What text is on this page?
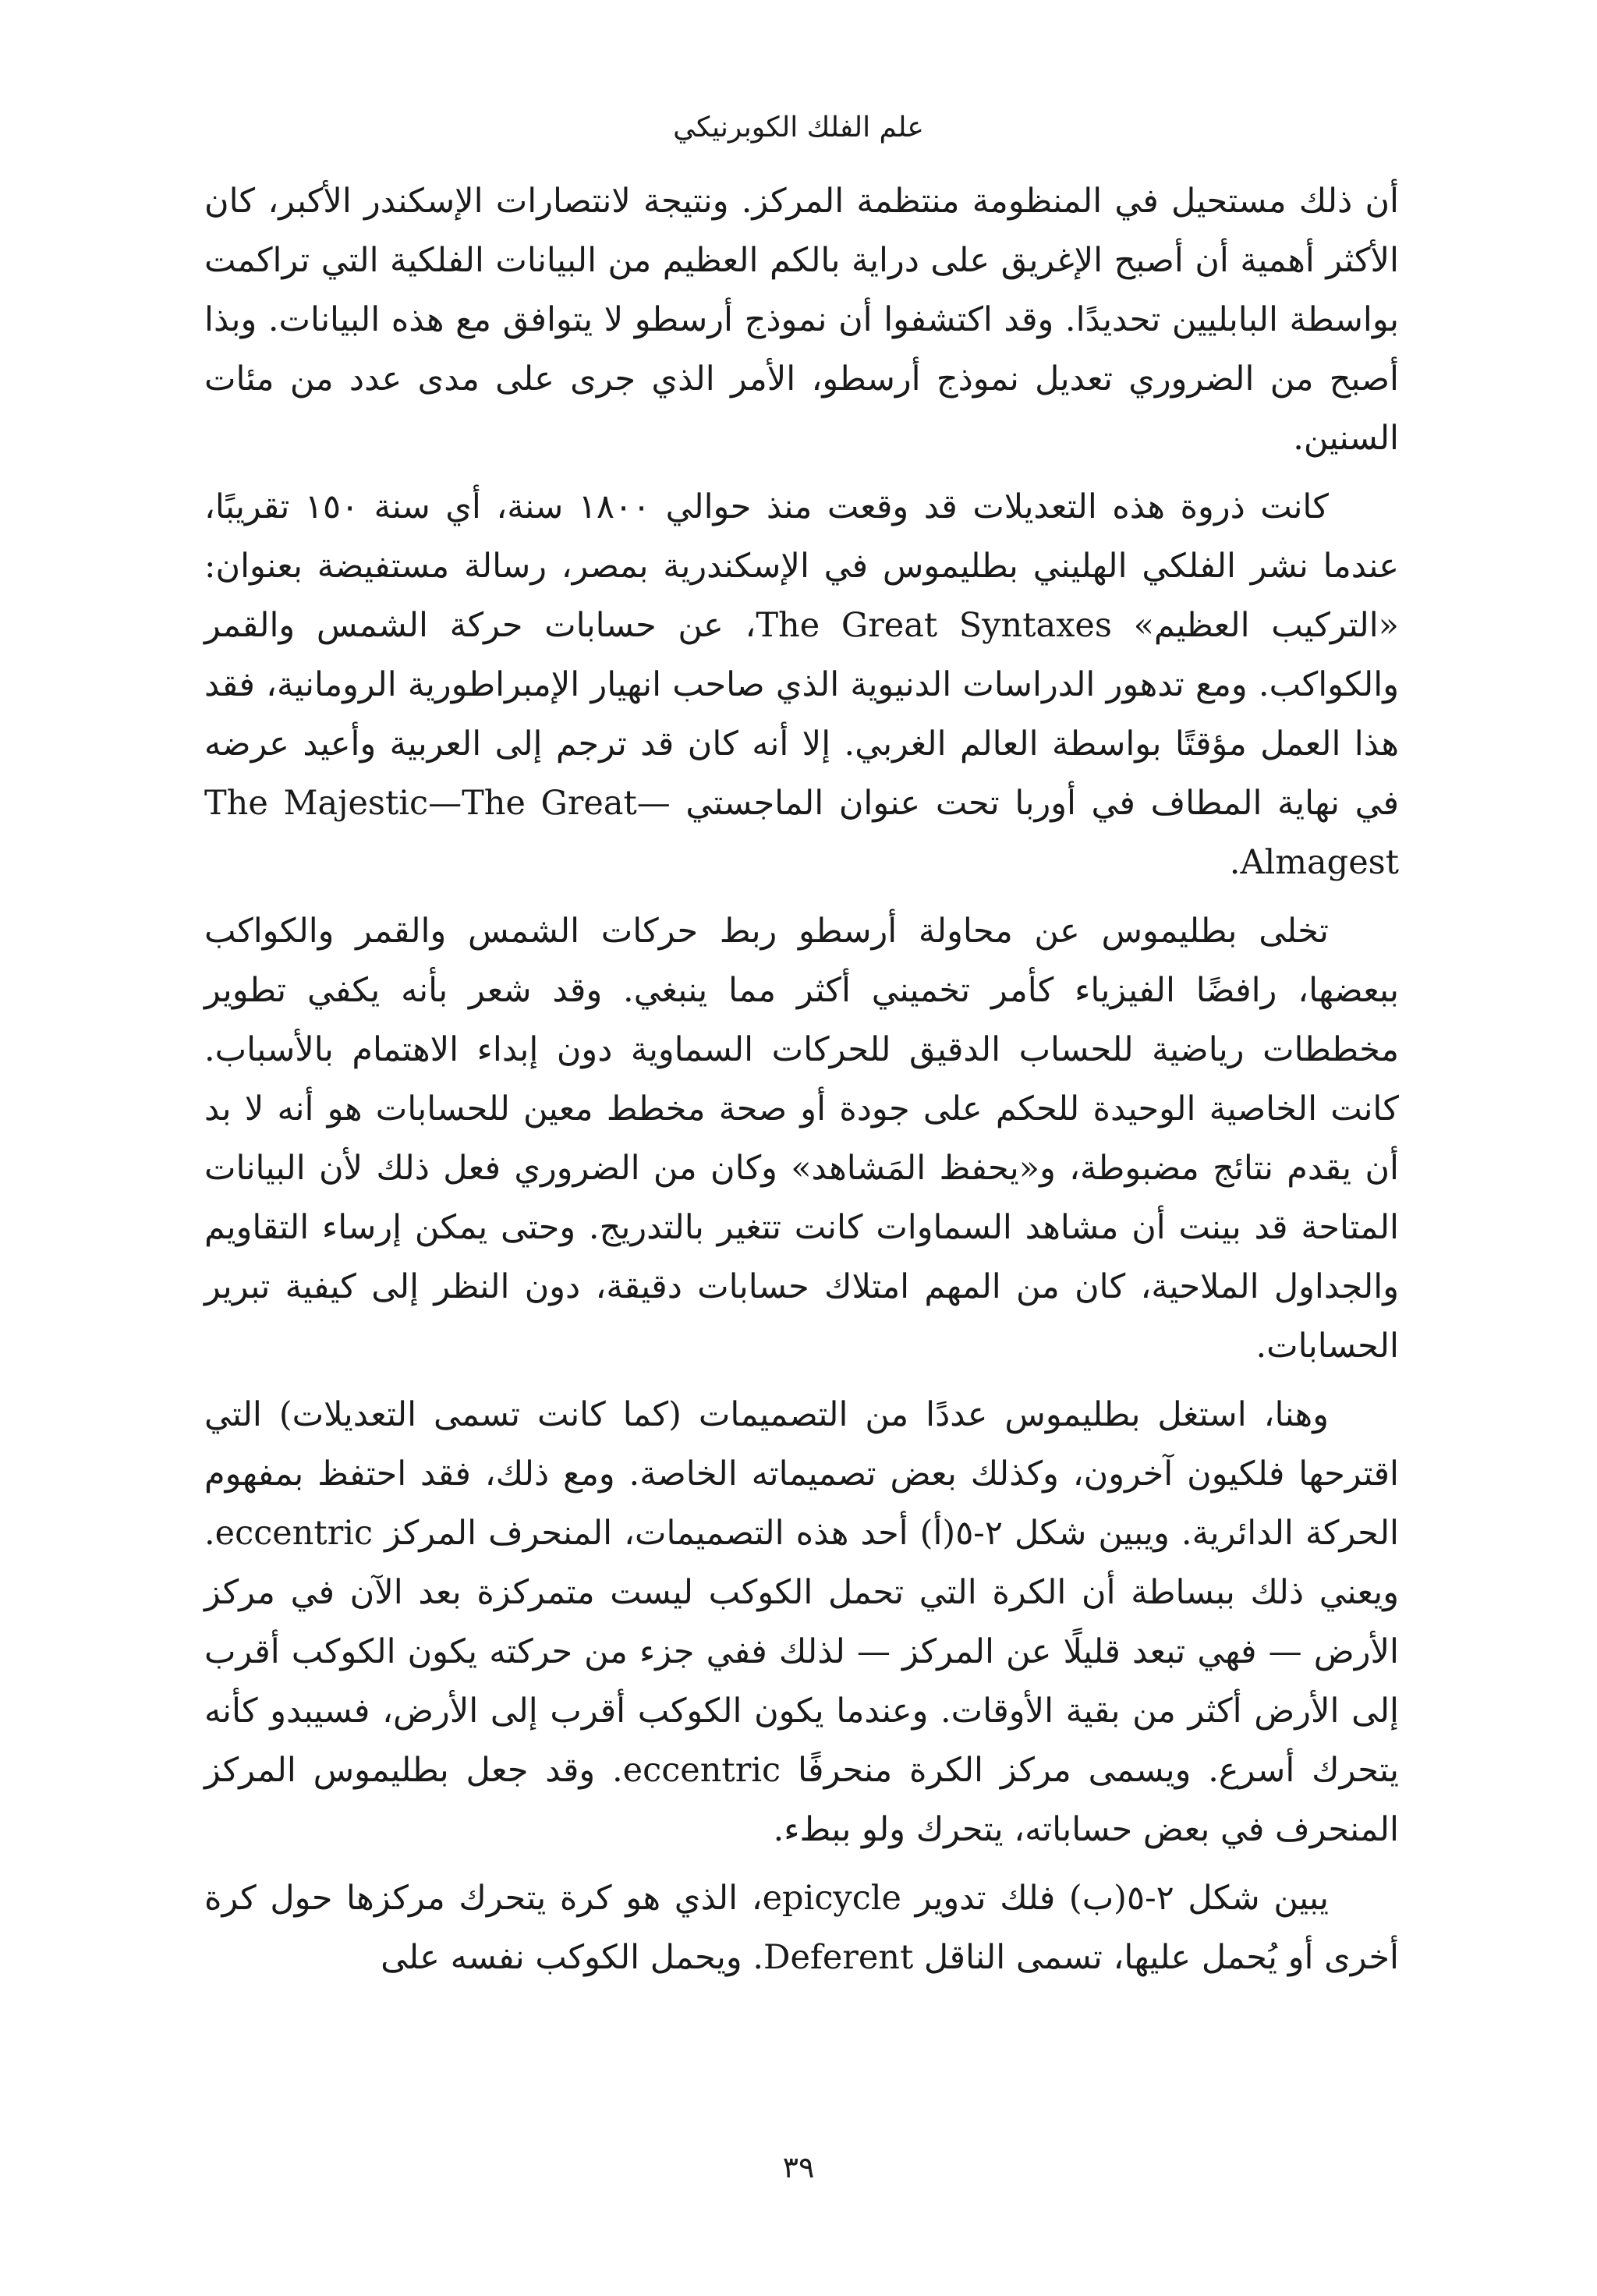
علم الفلك الكوبرنيكي

أن ذلك مستحيل في المنظومة منتظمة المركز. ونتيجة لانتصارات الإسكندر الأكبر، كان الأكثر أهمية أن أصبح الإغريق على دراية بالكم العظيم من البيانات الفلكية التي تراكمت بواسطة البابليين تحديدًا. وقد اكتشفوا أن نموذج أرسطو لا يتوافق مع هذه البيانات. وبذا أصبح من الضروري تعديل نموذج أرسطو، الأمر الذي جرى على مدى عدد من مئات السنين.

كانت ذروة هذه التعديلات قد وقعت منذ حوالي ١٨٠٠ سنة، أي سنة ١٥٠ تقريبًا، عندما نشر الفلكي الهليني بطليموس في الإسكندرية بمصر، رسالة مستفيضة بعنوان: «التركيب العظيم» The Great Syntaxes، عن حسابات حركة الشمس والقمر والكواكب. ومع تدهور الدراسات الدنيوية الذي صاحب انهيار الإمبراطورية الرومانية، فقد هذا العمل مؤقتًا بواسطة العالم الغربي. إلا أنه كان قد ترجم إلى العربية وأعيد عرضه في نهاية المطاف في أوربا تحت عنوان الماجستي The Majestic—The Great—Almagest.

تخلى بطليموس عن محاولة أرسطو ربط حركات الشمس والقمر والكواكب ببعضها، رافضًا الفيزياء كأمر تخميني أكثر مما ينبغي. وقد شعر بأنه يكفي تطوير مخططات رياضية للحساب الدقيق للحركات السماوية دون إبداء الاهتمام بالأسباب. كانت الخاصية الوحيدة للحكم على جودة أو صحة مخطط معين للحسابات هو أنه لا بد أن يقدم نتائج مضبوطة، و«يحفظ المَشاهد» وكان من الضروري فعل ذلك لأن البيانات المتاحة قد بينت أن مشاهد السماوات كانت تتغير بالتدريج. وحتى يمكن إرساء التقاويم والجداول الملاحية، كان من المهم امتلاك حسابات دقيقة، دون النظر إلى كيفية تبرير الحسابات.

وهنا، استغل بطليموس عددًا من التصميمات (كما كانت تسمى التعديلات) التي اقترحها فلكيون آخرون، وكذلك بعض تصميماته الخاصة. ومع ذلك، فقد احتفظ بمفهوم الحركة الدائرية. ويبين شكل ٢-٥(أ) أحد هذه التصميمات، المنحرف المركز eccentric. ويعني ذلك ببساطة أن الكرة التي تحمل الكوكب ليست متمركزة بعد الآن في مركز الأرض — فهي تبعد قليلًا عن المركز — لذلك ففي جزء من حركته يكون الكوكب أقرب إلى الأرض أكثر من بقية الأوقات. وعندما يكون الكوكب أقرب إلى الأرض، فسيبدو كأنه يتحرك أسرع. ويسمى مركز الكرة منحرفًا eccentric. وقد جعل بطليموس المركز المنحرف في بعض حساباته، يتحرك ولو ببطء.

يبين شكل ٢-٥(ب) فلك تدوير epicycle، الذي هو كرة يتحرك مركزها حول كرة أخرى أو يُحمل عليها، تسمى الناقل Deferent. ويحمل الكوكب نفسه على

٣٩
